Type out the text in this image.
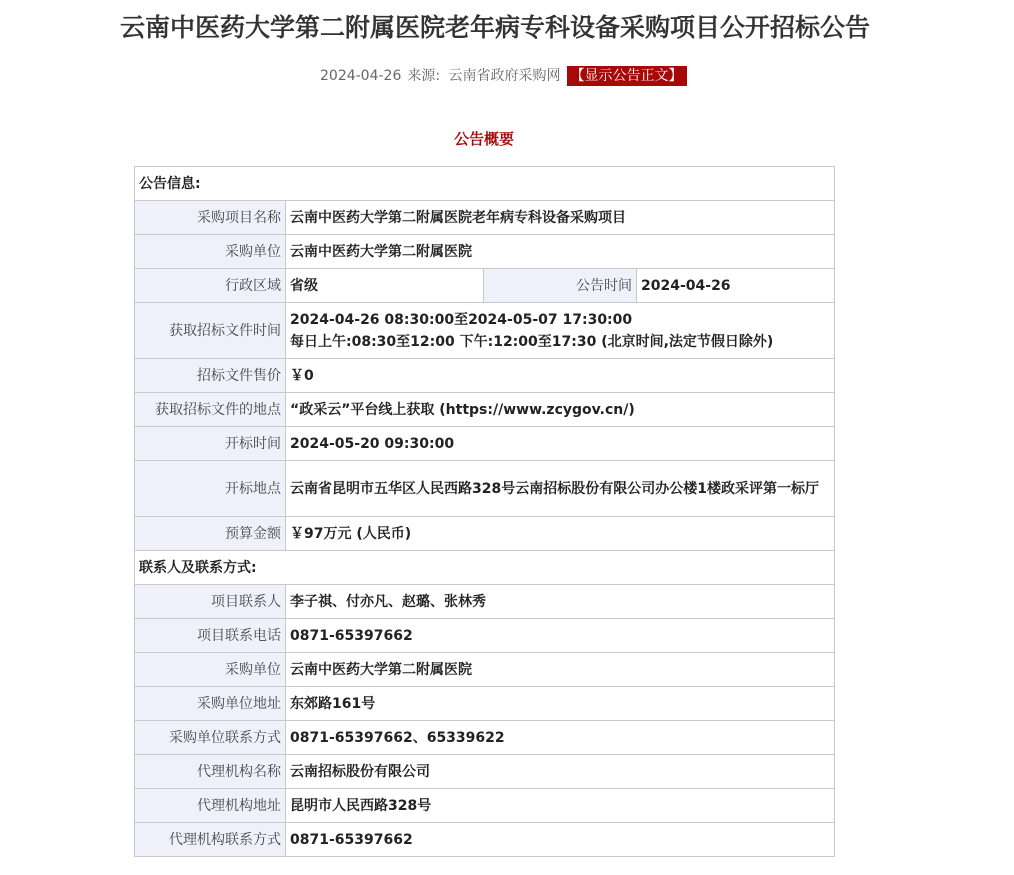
云南中医药大学第二附属医院老年病专科设备采购项目公开招标公告
2024-04-26 来源: 云南省政府采购网 【显示公告正文】
公告概要
公告信息:			
采购项目名称	云南中医药大学第二附属医院老年病专科设备采购项目		
采购单位	云南中医药大学第二附属医院		
行政区域	省级	公告时间	2024-04-26
获取招标文件时间	2024-04-26 08:30:00至2024-05-07 17:30:00
每日上午:08:30至12:00 下午:12:00至17:30 (北京时间,法定节假日除外)		

招标文件售价	￥0		
获取招标文件的地点	“政采云”平台线上获取 (https://www.zcygov.cn/)		
开标时间	2024-05-20 09:30:00		
开标地点	云南省昆明市五华区人民西路328号云南招标股份有限公司办公楼1楼政采评第一标厅		
预算金额	￥97万元 (人民币)		
联系人及联系方式:			
项目联系人	李子祺、付亦凡、赵璐、张林秀		
项目联系电话	0871-65397662		
采购单位	云南中医药大学第二附属医院		
采购单位地址	东郊路161号		
采购单位联系方式	0871-65397662、65339622		
代理机构名称	云南招标股份有限公司		
代理机构地址	昆明市人民西路328号		
代理机构联系方式	0871-65397662		
